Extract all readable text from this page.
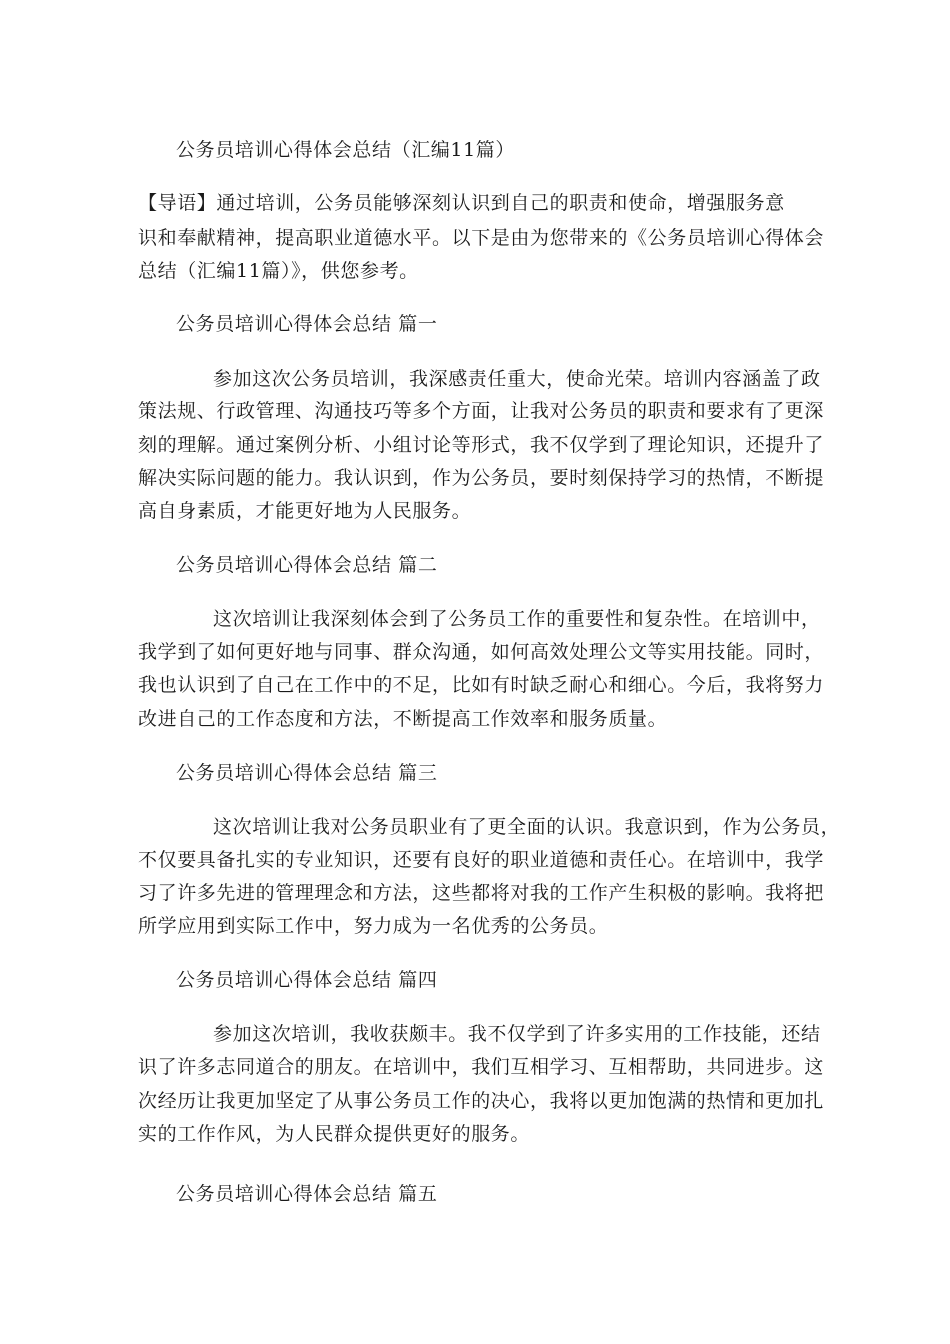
公务员培训心得体会总结（汇编11篇）
【导语】通过培训，公务员能够深刻认识到自己的职责和使命，增强服务意
识和奉献精神，提高职业道德水平。以下是由为您带来的《公务员培训心得体会
总结（汇编11篇）》，供您参考。
公务员培训心得体会总结 篇一
参加这次公务员培训，我深感责任重大，使命光荣。培训内容涵盖了政
策法规、行政管理、沟通技巧等多个方面，让我对公务员的职责和要求有了更深
刻的理解。通过案例分析、小组讨论等形式，我不仅学到了理论知识，还提升了
解决实际问题的能力。我认识到，作为公务员，要时刻保持学习的热情，不断提
高自身素质，才能更好地为人民服务。
公务员培训心得体会总结 篇二
这次培训让我深刻体会到了公务员工作的重要性和复杂性。在培训中，
我学到了如何更好地与同事、群众沟通，如何高效处理公文等实用技能。同时，
我也认识到了自己在工作中的不足，比如有时缺乏耐心和细心。今后，我将努力
改进自己的工作态度和方法，不断提高工作效率和服务质量。
公务员培训心得体会总结 篇三
这次培训让我对公务员职业有了更全面的认识。我意识到，作为公务员，
不仅要具备扎实的专业知识，还要有良好的职业道德和责任心。在培训中，我学
习了许多先进的管理理念和方法，这些都将对我的工作产生积极的影响。我将把
所学应用到实际工作中，努力成为一名优秀的公务员。
公务员培训心得体会总结 篇四
参加这次培训，我收获颇丰。我不仅学到了许多实用的工作技能，还结
识了许多志同道合的朋友。在培训中，我们互相学习、互相帮助，共同进步。这
次经历让我更加坚定了从事公务员工作的决心，我将以更加饱满的热情和更加扎
实的工作作风，为人民群众提供更好的服务。
公务员培训心得体会总结 篇五
